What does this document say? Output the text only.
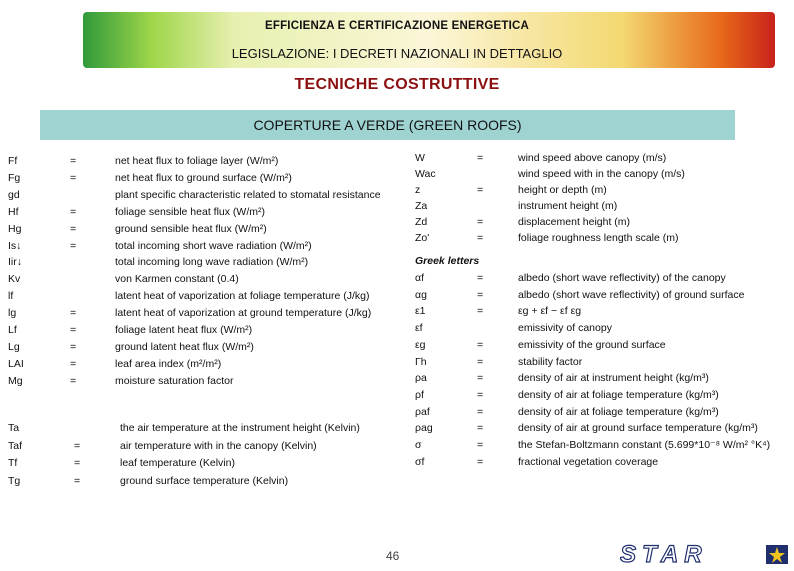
EFFICIENZA E CERTIFICAZIONE ENERGETICA
LEGISLAZIONE: I DECRETI NAZIONALI IN DETTAGLIO
TECNICHE COSTRUTTIVE
COPERTURE A VERDE (GREEN ROOFS)
Ff	=	net heat flux to foliage layer (W/m²)
Fg	=	net heat flux to ground surface (W/m²)
gd	plant specific characteristic related to stomatal resistance
Hf	=	foliage sensible heat flux (W/m²)
Hg	=	ground sensible heat flux (W/m²)
Is↓	=	total incoming short wave radiation (W/m²)
Iir↓	total incoming long wave radiation (W/m²)
Kv	von Karmen constant (0.4)
lf	latent heat of vaporization at foliage temperature (J/kg)
lg	=	latent heat of vaporization at ground temperature (J/kg)
Lf	=	foliage latent heat flux (W/m²)
Lg	=	ground latent heat flux (W/m²)
LAI	=	leaf area index (m²/m²)
Mg	=	moisture saturation factor
Ta	the air temperature at the instrument height (Kelvin)
Taf	=	air temperature with in the canopy (Kelvin)
Tf	=	leaf temperature (Kelvin)
Tg	=	ground surface temperature (Kelvin)
W	=	wind speed above canopy (m/s)
Wac	wind speed with in the canopy (m/s)
z	=	height or depth (m)
Za	instrument height (m)
Zd	=	displacement height (m)
Zo'	=	foliage roughness length scale (m)
Greek letters
αf	=	albedo (short wave reflectivity) of the canopy
αg	=	albedo (short wave reflectivity) of ground surface
ε1	=	εg + εf − εf εg
εf	emissivity of canopy
εg	=	emissivity of the ground surface
Γh	=	stability factor
ρa	=	density of air at instrument height (kg/m³)
ρf	=	density of air at foliage temperature (kg/m³)
ρaf	=	density of air at foliage temperature (kg/m³)
ρag	=	density of air at ground surface temperature (kg/m³)
σ	=	the Stefan-Boltzmann constant (5.699*10⁻⁸ W/m² °K⁴)
σf	=	fractional vegetation coverage
46	STAR
